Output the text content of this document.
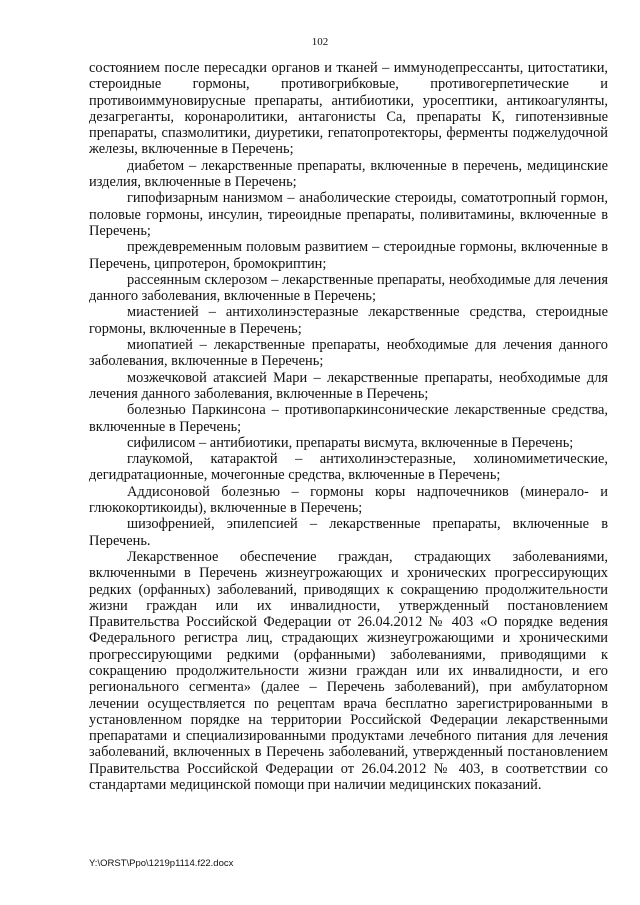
102

состоянием после пересадки органов и тканей – иммунодепрессанты, цитостатики, стероидные гормоны, противогрибковые, противогерпетические и противоиммуновирусные препараты, антибиотики, уросептики, антикоагулянты, дезагреганты, коронаролитики, антагонисты Са, препараты К, гипотензивные препараты, спазмолитики, диуретики, гепатопротекторы, ферменты поджелудочной железы, включенные в Перечень;

диабетом – лекарственные препараты, включенные в перечень, медицинские изделия, включенные в Перечень;

гипофизарным нанизмом – анаболические стероиды, соматотропный гормон, половые гормоны, инсулин, тиреоидные препараты, поливитамины, включенные в Перечень;

преждевременным половым развитием – стероидные гормоны, включенные в Перечень, ципротерон, бромокриптин;

рассеянным склерозом – лекарственные препараты, необходимые для лечения данного заболевания, включенные в Перечень;

миастенией – антихолинэстеразные лекарственные средства, стероидные гормоны, включенные в Перечень;

миопатией – лекарственные препараты, необходимые для лечения данного заболевания, включенные в Перечень;

мозжечковой атаксией Мари – лекарственные препараты, необходимые для лечения данного заболевания, включенные в Перечень;

болезнью Паркинсона – противопаркинсонические лекарственные средства, включенные в Перечень;

сифилисом – антибиотики, препараты висмута, включенные в Перечень;

глаукомой, катарактой – антихолинэстеразные, холиномиметические, дегидратационные, мочегонные средства, включенные в Перечень;

Аддисоновой болезнью – гормоны коры надпочечников (минерало- и глюкокортикоиды), включенные в Перечень;

шизофренией, эпилепсией – лекарственные препараты, включенные в Перечень.

Лекарственное обеспечение граждан, страдающих заболеваниями, включенными в Перечень жизнеугрожающих и хронических прогрессирующих редких (орфанных) заболеваний, приводящих к сокращению продолжительности жизни граждан или их инвалидности, утвержденный постановлением Правительства Российской Федерации от 26.04.2012 № 403 «О порядке ведения Федерального регистра лиц, страдающих жизнеугрожающими и хроническими прогрессирующими редкими (орфанными) заболеваниями, приводящими к сокращению продолжительности жизни граждан или их инвалидности, и его регионального сегмента» (далее – Перечень заболеваний), при амбулаторном лечении осуществляется по рецептам врача бесплатно зарегистрированными в установленном порядке на территории Российской Федерации лекарственными препаратами и специализированными продуктами лечебного питания для лечения заболеваний, включенных в Перечень заболеваний, утвержденный постановлением Правительства Российской Федерации от 26.04.2012 № 403, в соответствии со стандартами медицинской помощи при наличии медицинских показаний.

Y:\ORST\Ppo\1219p1114.f22.docx
